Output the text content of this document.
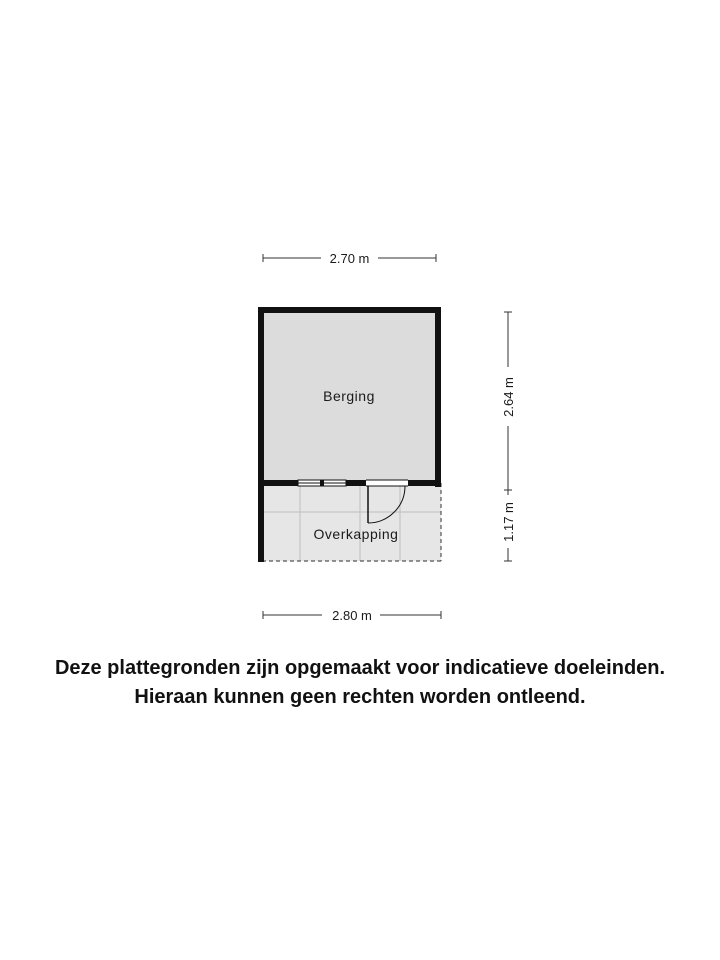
2.70 m
Berging
Overkapping
2.64 m
1.17 m
2.80 m
Deze plattegronden zijn opgemaakt voor indicatieve doeleinden.
Hieraan kunnen geen rechten worden ontleend.
